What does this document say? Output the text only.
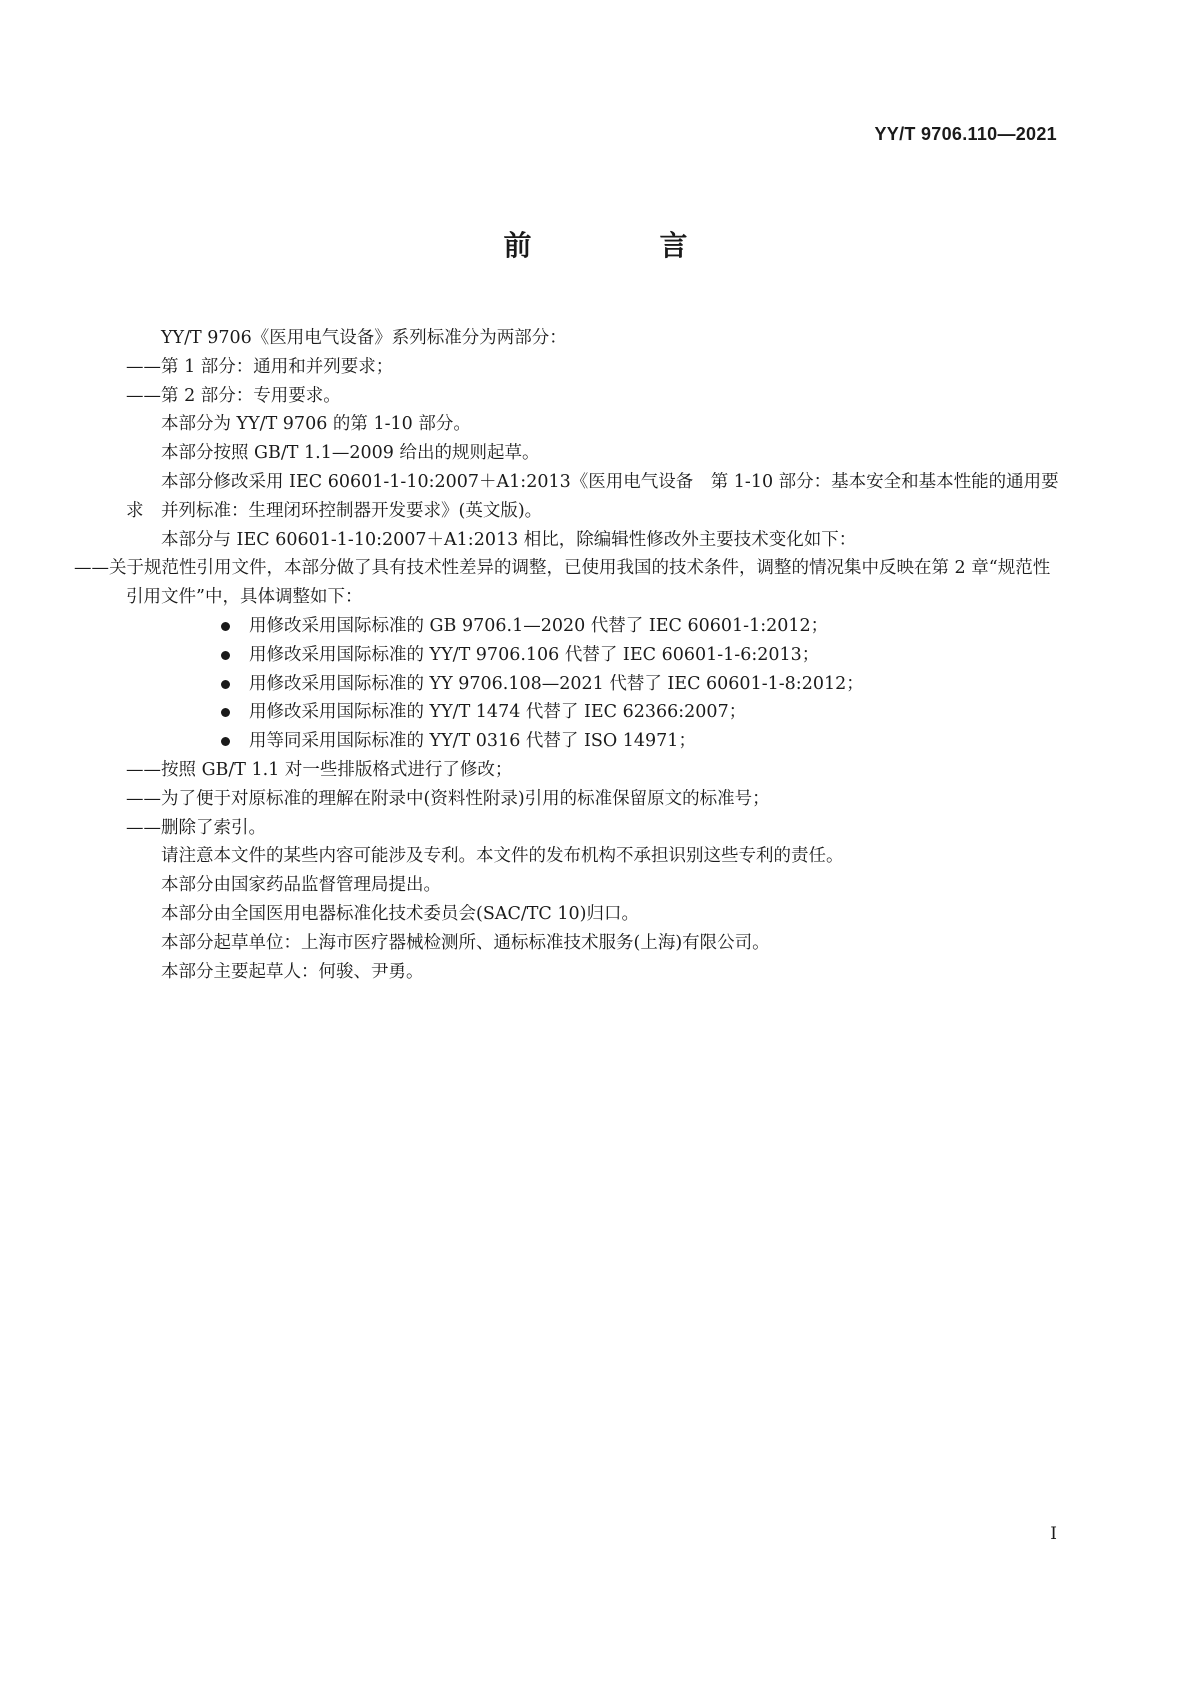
YY/T 9706.110—2021
前　言

YY/T 9706《医用电气设备》系列标准分为两部分：

——第 1 部分：通用和并列要求；

——第 2 部分：专用要求。

本部分为 YY/T 9706 的第 1-10 部分。

本部分按照 GB/T 1.1—2009 给出的规则起草。

本部分修改采用 IEC 60601-1-10:2007＋A1:2013《医用电气设备　第 1-10 部分：基本安全和基本性能的通用要求　并列标准：生理闭环控制器开发要求》(英文版)。

本部分与 IEC 60601-1-10:2007＋A1:2013 相比，除编辑性修改外主要技术变化如下：

——关于规范性引用文件，本部分做了具有技术性差异的调整，已使用我国的技术条件，调整的情况集中反映在第 2 章“规范性引用文件”中，具体调整如下：

用修改采用国际标准的 GB 9706.1—2020 代替了 IEC 60601-1:2012；
用修改采用国际标准的 YY/T 9706.106 代替了 IEC 60601-1-6:2013；
用修改采用国际标准的 YY 9706.108—2021 代替了 IEC 60601-1-8:2012；
用修改采用国际标准的 YY/T 1474 代替了 IEC 62366:2007；
用等同采用国际标准的 YY/T 0316 代替了 ISO 14971；

——按照 GB/T 1.1 对一些排版格式进行了修改；

——为了便于对原标准的理解在附录中(资料性附录)引用的标准保留原文的标准号；

——删除了索引。

请注意本文件的某些内容可能涉及专利。本文件的发布机构不承担识别这些专利的责任。

本部分由国家药品监督管理局提出。

本部分由全国医用电器标准化技术委员会(SAC/TC 10)归口。

本部分起草单位：上海市医疗器械检测所、通标标准技术服务(上海)有限公司。

本部分主要起草人：何骏、尹勇。

I
